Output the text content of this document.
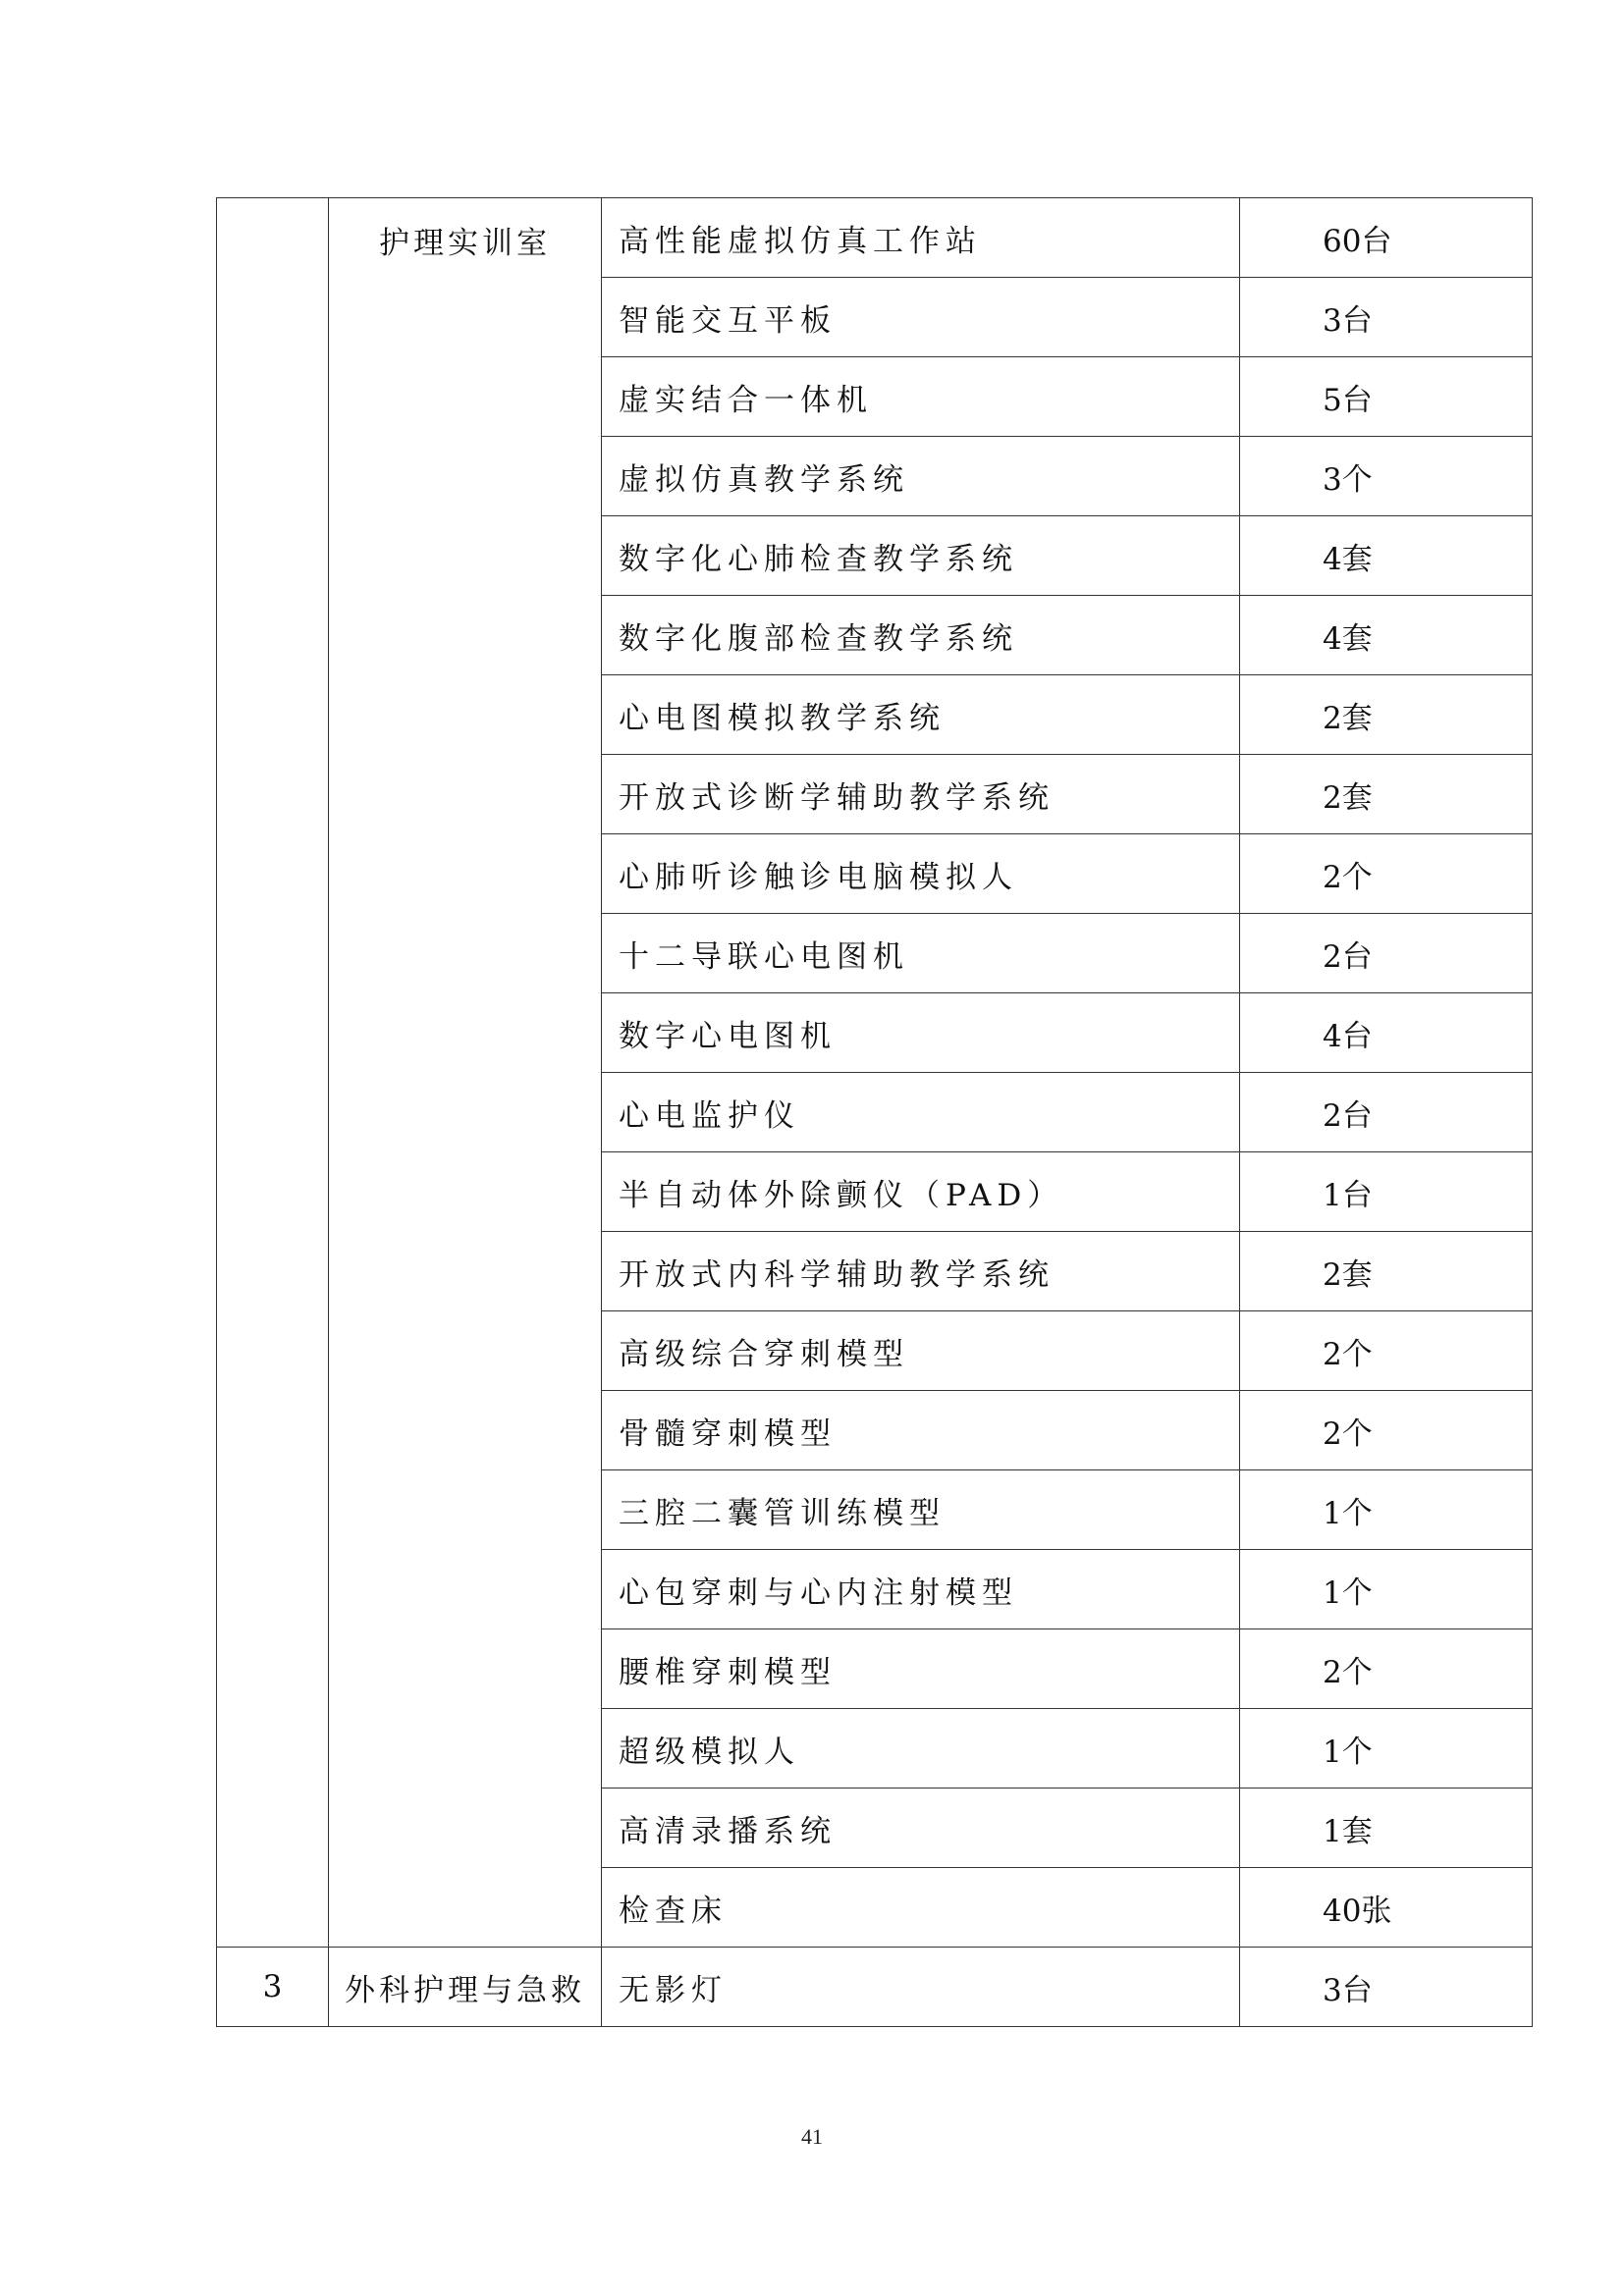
	护理实训室	高性能虚拟仿真工作站	60台
		智能交互平板	3台
		虚实结合一体机	5台
		虚拟仿真教学系统	3个
		数字化心肺检查教学系统	4套
		数字化腹部检查教学系统	4套
		心电图模拟教学系统	2套
		开放式诊断学辅助教学系统	2套
		心肺听诊触诊电脑模拟人	2个
		十二导联心电图机	2台
		数字心电图机	4台
		心电监护仪	2台
		半自动体外除颤仪（PAD）	1台
		开放式内科学辅助教学系统	2套
		高级综合穿刺模型	2个
		骨髓穿刺模型	2个
		三腔二囊管训练模型	1个
		心包穿刺与心内注射模型	1个
		腰椎穿刺模型	2个
		超级模拟人	1个
		高清录播系统	1套
		检查床	40张
3	外科护理与急救	无影灯	3台
41
